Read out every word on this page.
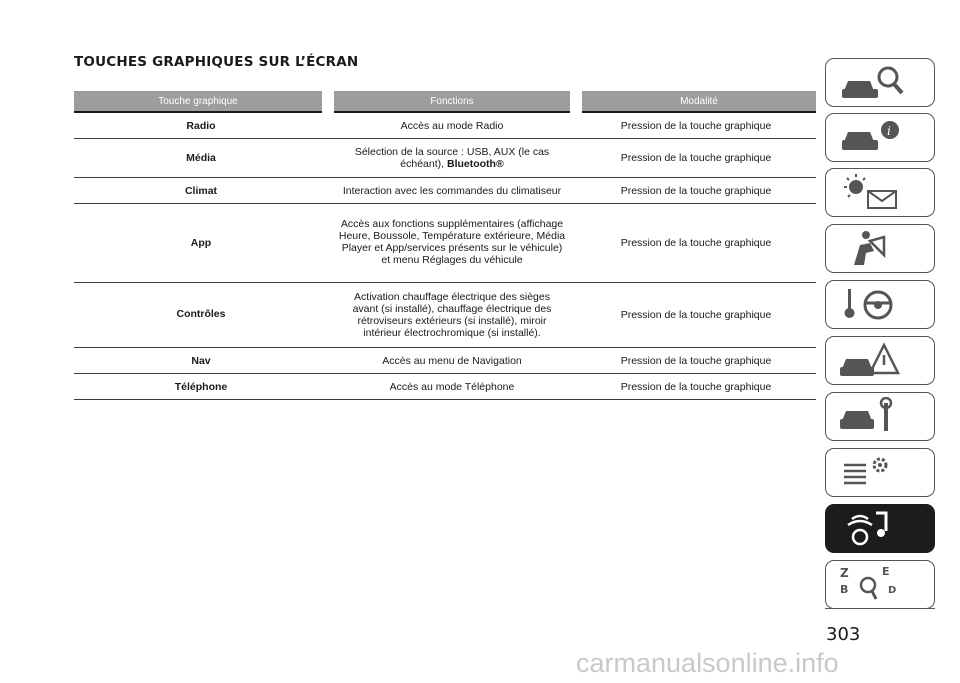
TOUCHES GRAPHIQUES SUR L’ÉCRAN
Touche graphique	Fonctions	Modalité

Radio	Accès au mode Radio	Pression de la touche graphique
Média	Sélection de la source : USB, AUX (le cas échéant), Bluetooth®	Pression de la touche graphique
Climat	Interaction avec les commandes du climatiseur	Pression de la touche graphique
App	Accès aux fonctions supplémentaires (affichage Heure, Boussole, Température extérieure, Média Player et App/services présents sur le véhicule) et menu Réglages du véhicule	Pression de la touche graphique
Contrôles	Activation chauffage électrique des sièges avant (si installé), chauffage électrique des rétroviseurs extérieurs (si installé), miroir intérieur électrochromique (si installé).	Pression de la touche graphique
Nav	Accès au menu de Navigation	Pression de la touche graphique
Téléphone	Accès au mode Téléphone	Pression de la touche graphique
i
Z	E
B	D
303
carmanualsonline.info
